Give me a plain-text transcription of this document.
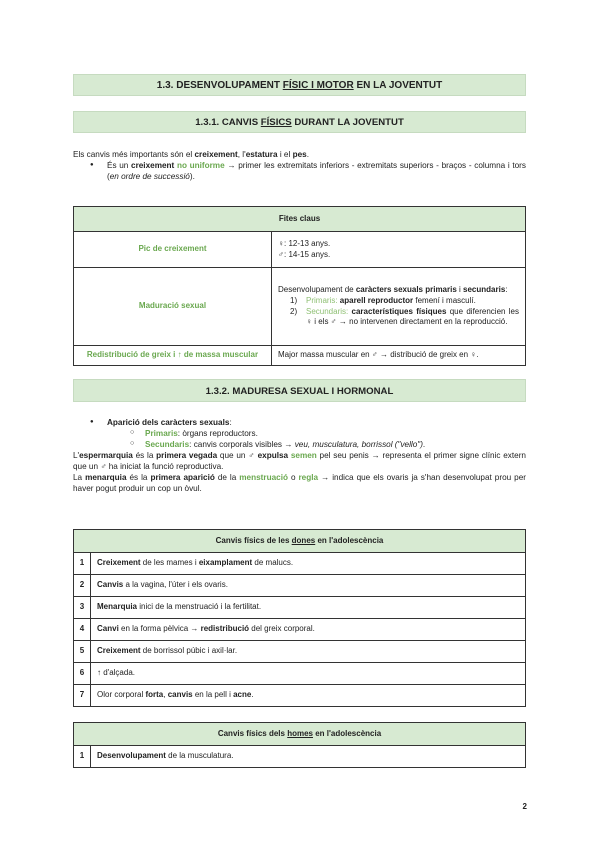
1.3. DESENVOLUPAMENT FÍSIC I MOTOR EN LA JOVENTUT
1.3.1. CANVIS FÍSICS DURANT LA JOVENTUT

Els canvis més importants són el creixement, l'estatura i el pes.

● És un creixement no uniforme → primer les extremitats inferiors - extremitats superiors - braços - columna i tors (en ordre de successió).
Fites claus	
Pic de creixement	♀: 12-13 anys.
♂: 14-15 anys.

Maduració sexual	Desenvolupament de caràcters sexuals primaris i secundaris:
1) Primaris: aparell reproductor femení i masculí.
2) Secundaris: característiques físiques que diferencien les ♀ i els ♂ → no intervenen directament en la reproducció.

Redistribució de greix i ↑ de massa muscular	Major massa muscular en ♂ → distribució de greix en ♀.
1.3.2. MADURESA SEXUAL I HORMONAL
● Aparició dels caràcters sexuals:
○ Primaris: òrgans reproductors.
○ Secundaris: canvis corporals visibles → veu, musculatura, borrissol ("vello").

L'espermarquia és la primera vegada que un ♂ expulsa semen pel seu penis → representa el primer signe clínic extern que un ♂ ha iniciat la funció reproductiva.

La menarquia és la primera aparició de la menstruació o regla → indica que els ovaris ja s'han desenvolupat prou per haver pogut produir un cop un òvul.

Canvis físics de les dones en l'adolescència	
1	Creixement de les mames i eixamplament de malucs.
2	Canvis a la vagina, l'úter i els ovaris.
3	Menarquia inici de la menstruació i la fertilitat.
4	Canvi en la forma pèlvica → redistribució del greix corporal.
5	Creixement de borrissol púbic i axil·lar.
6	↑ d'alçada.
7	Olor corporal forta, canvis en la pell i acne.
Canvis físics dels homes en l'adolescència
1	Desenvolupament de la musculatura.
2
